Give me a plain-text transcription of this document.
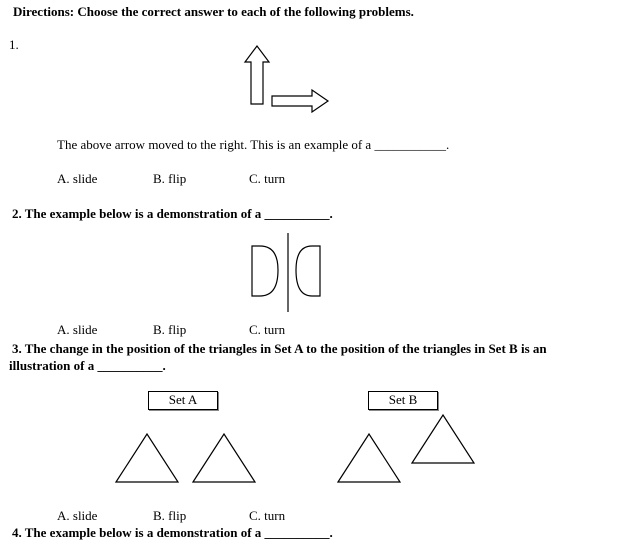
Directions: Choose the correct answer to each of the following problems.
1.
The above arrow moved to the right. This is an example of a ___________.
A. slide	B. flip	C. turn
2. The example below is a demonstration of a __________.
A. slide	B. flip	C. turn
3. The change in the position of the triangles in Set A to the position of the triangles in Set B is an
illustration of a __________.
Set A	Set B
A. slide	B. flip	C. turn
4. The example below is a demonstration of a __________.
